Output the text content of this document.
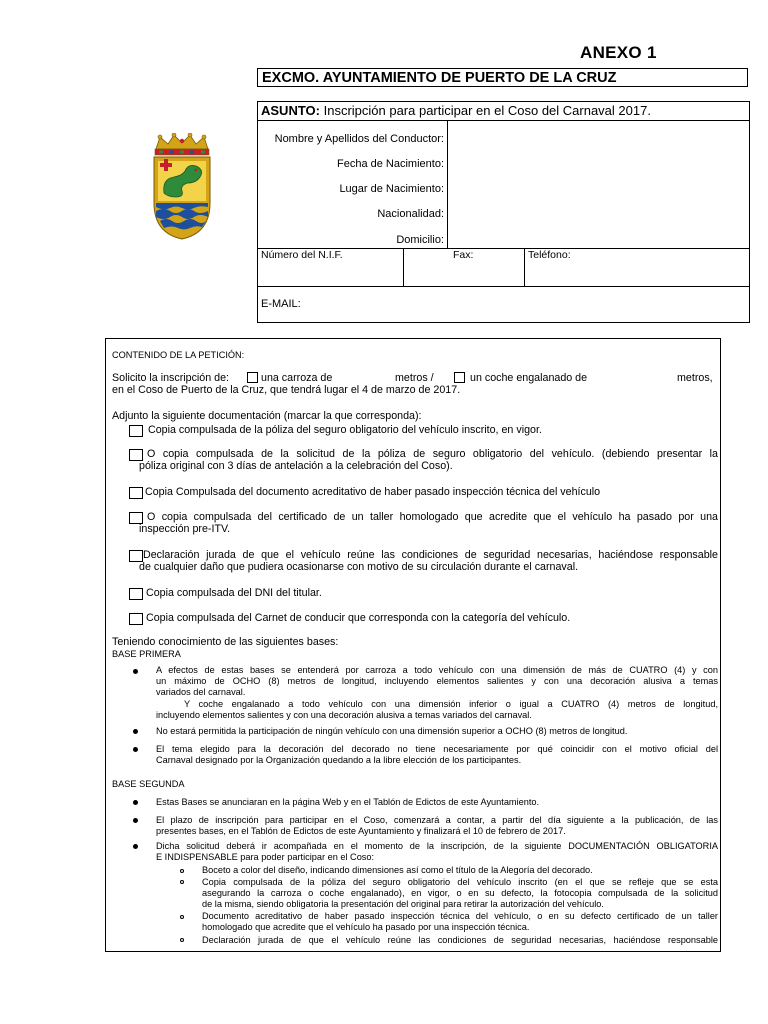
ANEXO 1
EXCMO. AYUNTAMIENTO DE PUERTO DE LA CRUZ
ASUNTO: Inscripción para participar en el Coso del Carnaval 2017.
Nombre y Apellidos del Conductor:
Fecha de Nacimiento:
Lugar de Nacimiento:
Nacionalidad:
Domicilio:
Número del N.I.F.	Fax:	Teléfono:
E-MAIL:
CONTENIDO DE LA PETICIÓN:
Solicito la inscripción de:	una carroza de	metros /	un coche engalanado de	metros,
en el Coso de Puerto de la Cruz, que tendrá lugar el 4 de marzo de 2017.
Adjunto la siguiente documentación (marcar la que corresponda):
Copia compulsada de la póliza del seguro obligatorio del vehículo inscrito, en vigor.
O copia compulsada de la solicitud de la póliza de seguro obligatorio del vehículo. (debiendo presentar la
póliza original con 3 días de antelación a la celebración del Coso).
Copia Compulsada del documento acreditativo de haber pasado inspección técnica del vehículo
O copia compulsada del certificado de un taller homologado que acredite que el vehículo ha pasado por una
inspección pre-ITV.
Declaración jurada de que el vehículo reúne las condiciones de seguridad necesarias, haciéndose responsable
de cualquier daño que pudiera ocasionarse con motivo de su circulación durante el carnaval.
Copia compulsada del DNI del titular.
Copia compulsada del Carnet de conducir que corresponda con la categoría del vehículo.
Teniendo conocimiento de las siguientes bases:
BASE PRIMERA
A efectos de estas bases se entenderá por carroza a todo vehículo con una dimensión de más de CUATRO (4) y con
un máximo de OCHO (8) metros de longitud, incluyendo elementos salientes y con una decoración alusiva a temas
variados del carnaval.
Y coche engalanado a todo vehículo con una dimensión inferior o igual a CUATRO (4) metros de longitud,
incluyendo elementos salientes y con una decoración alusiva a temas variados del carnaval.
No estará permitida la participación de ningún vehículo con una dimensión superior a OCHO (8) metros de longitud.
El tema elegido para la decoración del decorado no tiene necesariamente por qué coincidir con el motivo oficial del
Carnaval designado por la Organización quedando a la libre elección de los participantes.
BASE SEGUNDA
Estas Bases se anunciaran en la página Web y en el Tablón de Edictos de este Ayuntamiento.
El plazo de inscripción para participar en el Coso, comenzará a contar, a partir del día siguiente a la publicación, de las
presentes bases, en el Tablón de Edictos de este Ayuntamiento y finalizará el 10 de febrero de 2017.
Dicha solicitud deberá ir acompañada en el momento de la inscripción, de la siguiente DOCUMENTACIÓN OBLIGATORIA
E INDISPENSABLE para poder participar en el Coso:
Boceto a color del diseño, indicando dimensiones así como el título de la Alegoría del decorado.
Copia compulsada de la póliza del seguro obligatorio del vehículo inscrito (en el que se refleje que se esta
asegurando la carroza o coche engalanado), en vigor, o en su defecto, la fotocopia compulsada de la solicitud
de la misma, siendo obligatoria la presentación del original para retirar la autorización del vehículo.
Documento acreditativo de haber pasado inspección técnica del vehículo, o en su defecto certificado de un taller
homologado que acredite que el vehículo ha pasado por una inspección técnica.
Declaración jurada de que el vehículo reúne las condiciones de seguridad necesarias, haciéndose responsable
